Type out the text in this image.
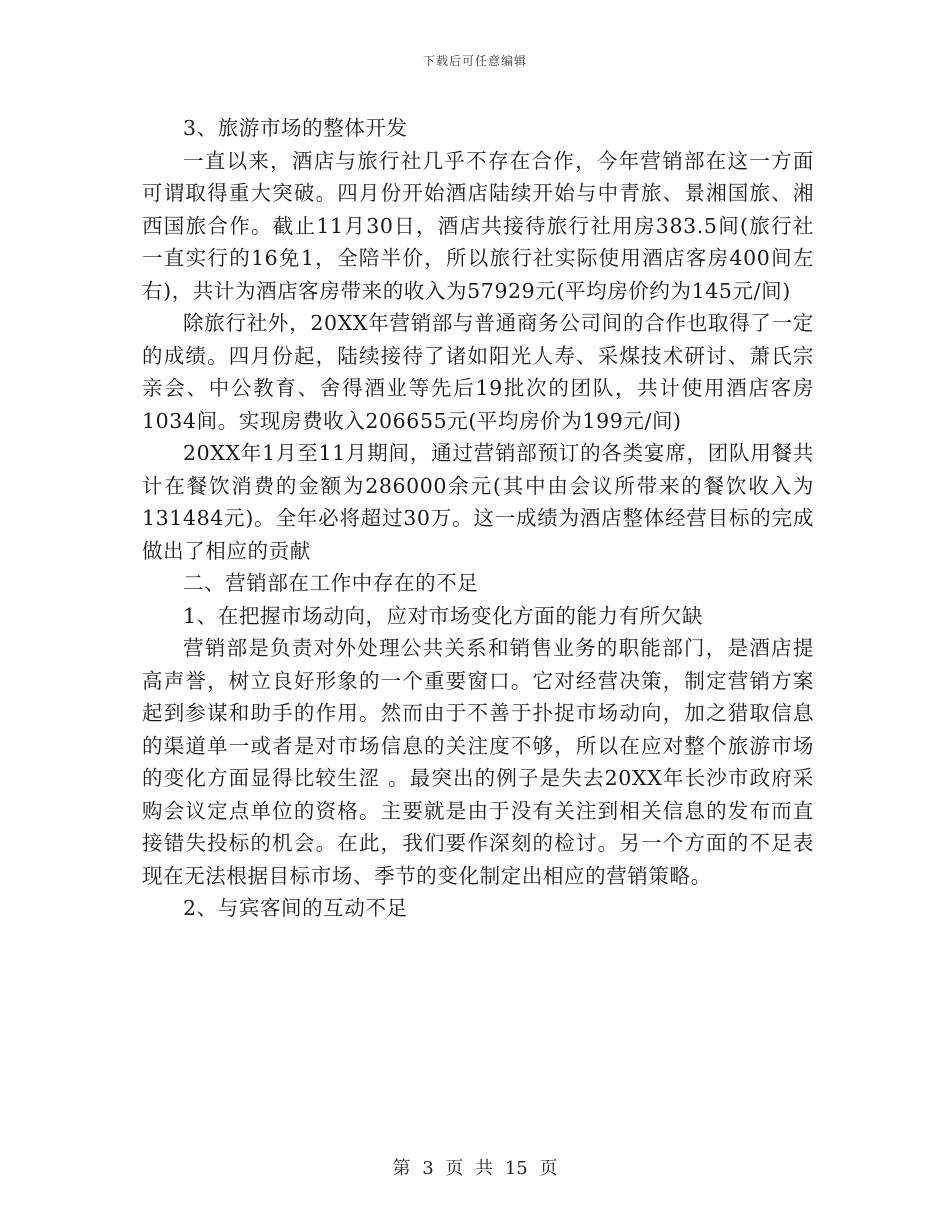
下载后可任意编辑

3、旅游市场的整体开发

一直以来，酒店与旅行社几乎不存在合作，今年营销部在这一方面可谓取得重大突破。四月份开始酒店陆续开始与中青旅、景湘国旅、湘西国旅合作。截止11月30日，酒店共接待旅行社用房383.5间(旅行社一直实行的16免1，全陪半价，所以旅行社实际使用酒店客房400间左右)，共计为酒店客房带来的收入为57929元(平均房价约为145元/间)

除旅行社外，20XX年营销部与普通商务公司间的合作也取得了一定的成绩。四月份起，陆续接待了诸如阳光人寿、采煤技术研讨、萧氏宗亲会、中公教育、舍得酒业等先后19批次的团队，共计使用酒店客房1034间。实现房费收入206655元(平均房价为199元/间)

20XX年1月至11月期间，通过营销部预订的各类宴席，团队用餐共计在餐饮消费的金额为286000余元(其中由会议所带来的餐饮收入为131484元)。全年必将超过30万。这一成绩为酒店整体经营目标的完成做出了相应的贡献

二、营销部在工作中存在的不足

1、在把握市场动向，应对市场变化方面的能力有所欠缺

营销部是负责对外处理公共关系和销售业务的职能部门，是酒店提高声誉，树立良好形象的一个重要窗口。它对经营决策，制定营销方案起到参谋和助手的作用。然而由于不善于扑捉市场动向，加之猎取信息的渠道单一或者是对市场信息的关注度不够，所以在应对整个旅游市场的变化方面显得比较生涩 。最突出的例子是失去20XX年长沙市政府采购会议定点单位的资格。主要就是由于没有关注到相关信息的发布而直接错失投标的机会。在此，我们要作深刻的检讨。另一个方面的不足表现在无法根据目标市场、季节的变化制定出相应的营销策略。

2、与宾客间的互动不足

第 3 页 共 15 页
